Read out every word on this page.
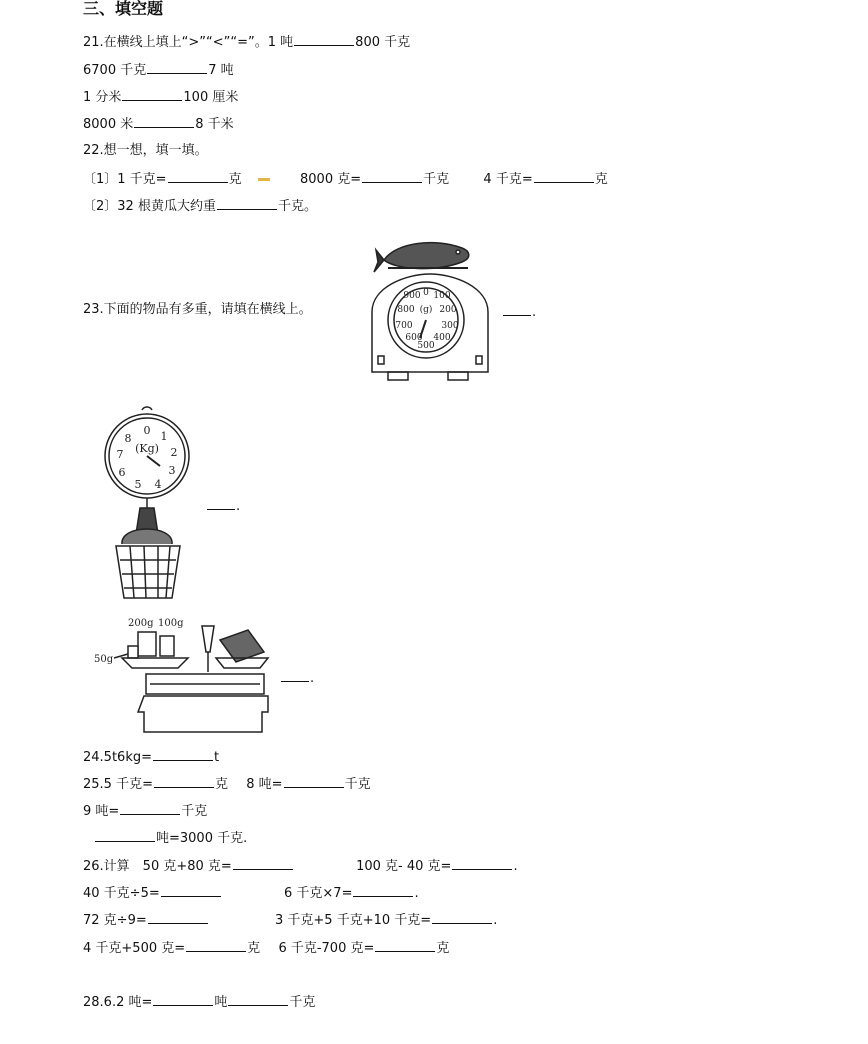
三、填空题
21.在横线上填上“>”“<”“=”。1 吨	800 千克
6700 千克	7 吨
1 分米	100 厘米
8000 米	8 千米
22.想一想，填一填。
〔1〕1 千克=	克	8000 克=	千克	4 千克=	克
〔2〕32 根黄瓜大约重	千克。
23.下面的物品有多重，请填在横线上。
0
(g)
900 100
800	200
700	300
600 400
500
.
0
(Kg)
1
2
3
4
5
6
7
8
.
200g 100g
50g
.
24.5t6kg=	t
25.5 千克=	克 8 吨=	千克
9 吨=	千克
吨=3000 千克.
26.计算　50 克+80 克=	100 克- 40 克=	.
40 千克÷5=	6 千克×7=	.
72 克÷9=	3 千克+5 千克+10 千克=	.
4 千克+500 克=	克 6 千克-700 克=	克
28.6.2 吨=	吨	千克
